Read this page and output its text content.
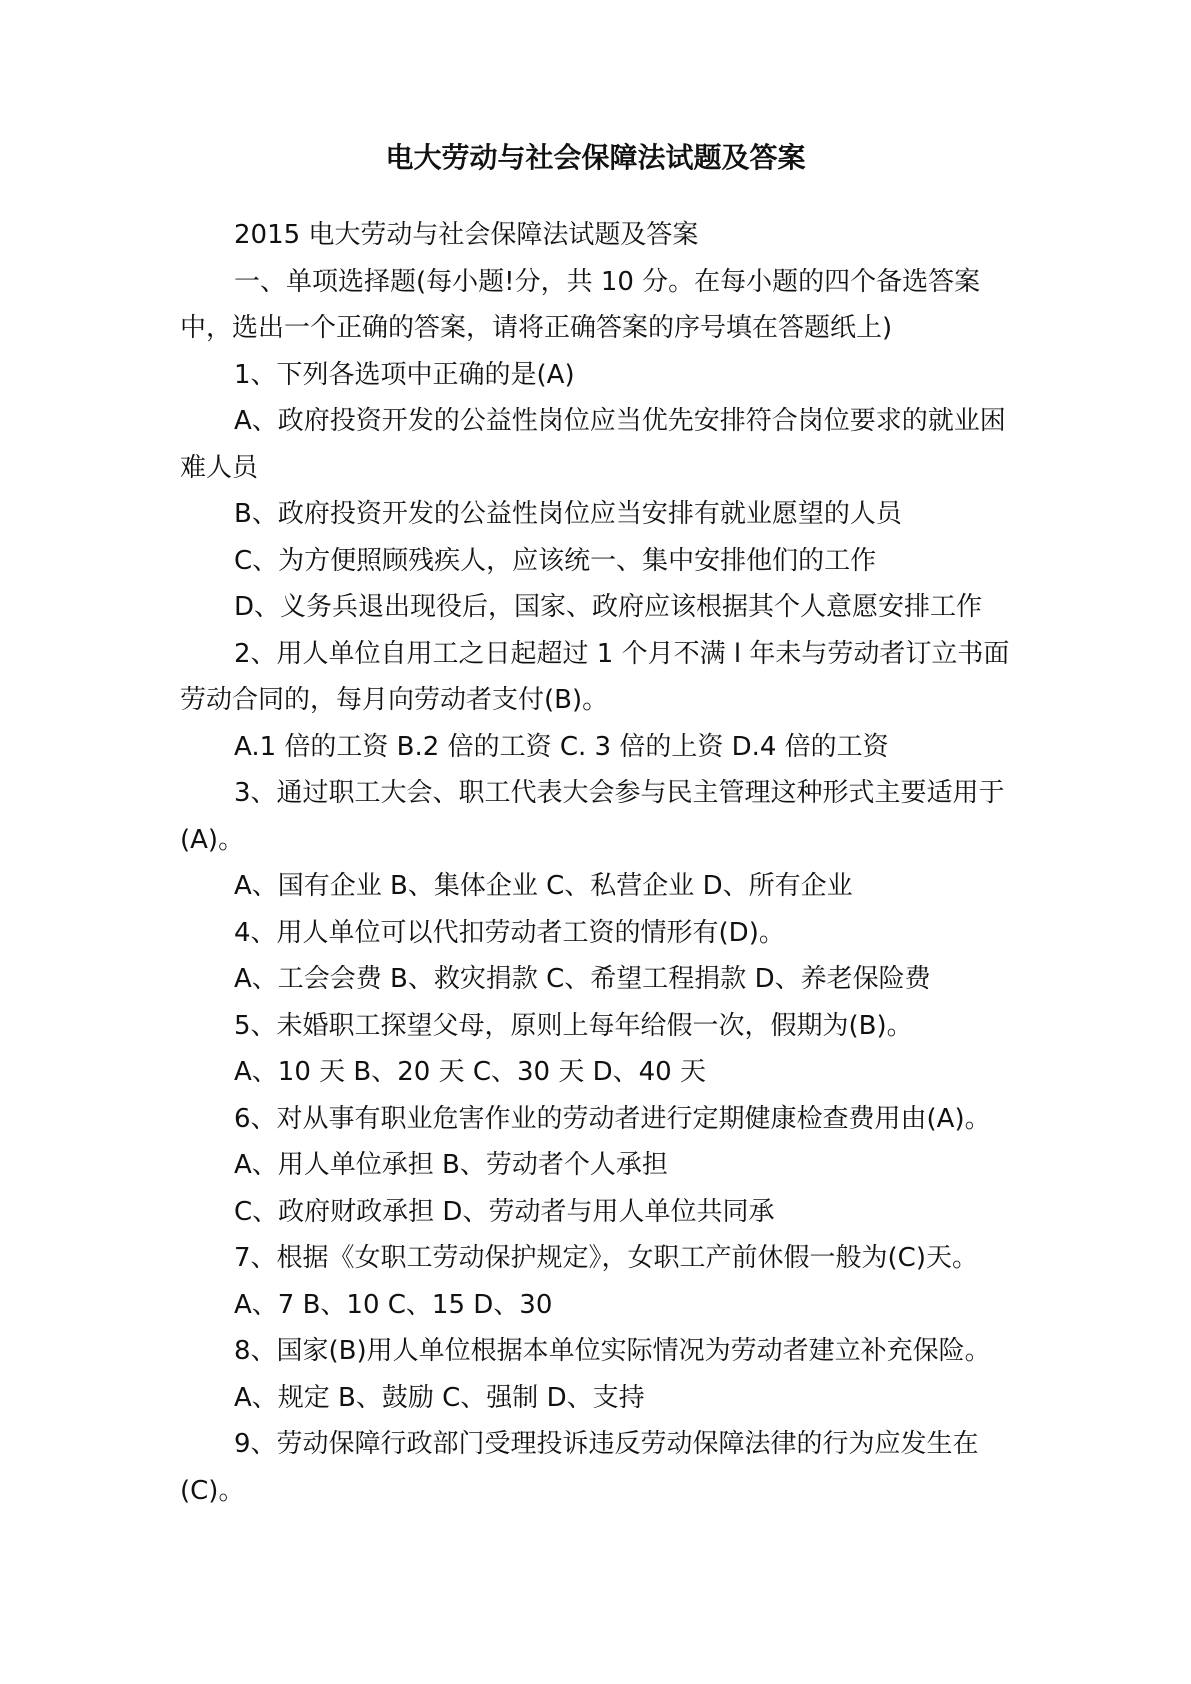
电大劳动与社会保障法试题及答案

2015 电大劳动与社会保障法试题及答案

一、单项选择题(每小题!分，共 10 分。在每小题的四个备选答案中，选出一个正确的答案，请将正确答案的序号填在答题纸上)

1、下列各选项中正确的是(A)

A、政府投资开发的公益性岗位应当优先安排符合岗位要求的就业困难人员

B、政府投资开发的公益性岗位应当安排有就业愿望的人员

C、为方便照顾残疾人，应该统一、集中安排他们的工作

D、义务兵退出现役后，国家、政府应该根据其个人意愿安排工作

2、用人单位自用工之日起超过 1 个月不满 l 年未与劳动者订立书面劳动合同的，每月向劳动者支付(B)。

A.1 倍的工资 B.2 倍的工资 C. 3 倍的上资 D.4 倍的工资

3、通过职工大会、职工代表大会参与民主管理这种形式主要适用于(A)。

A、国有企业 B、集体企业 C、私营企业 D、所有企业

4、用人单位可以代扣劳动者工资的情形有(D)。

A、工会会费 B、救灾捐款 C、希望工程捐款 D、养老保险费

5、未婚职工探望父母，原则上每年给假一次，假期为(B)。

A、10 天 B、20 天 C、30 天 D、40 天

6、对从事有职业危害作业的劳动者进行定期健康检查费用由(A)。

A、用人单位承担 B、劳动者个人承担

C、政府财政承担 D、劳动者与用人单位共同承

7、根据《女职工劳动保护规定》，女职工产前休假一般为(C)天。

A、7 B、10 C、15 D、30

8、国家(B)用人单位根据本单位实际情况为劳动者建立补充保险。

A、规定 B、鼓励 C、强制 D、支持

9、劳动保障行政部门受理投诉违反劳动保障法律的行为应发生在(C)。
